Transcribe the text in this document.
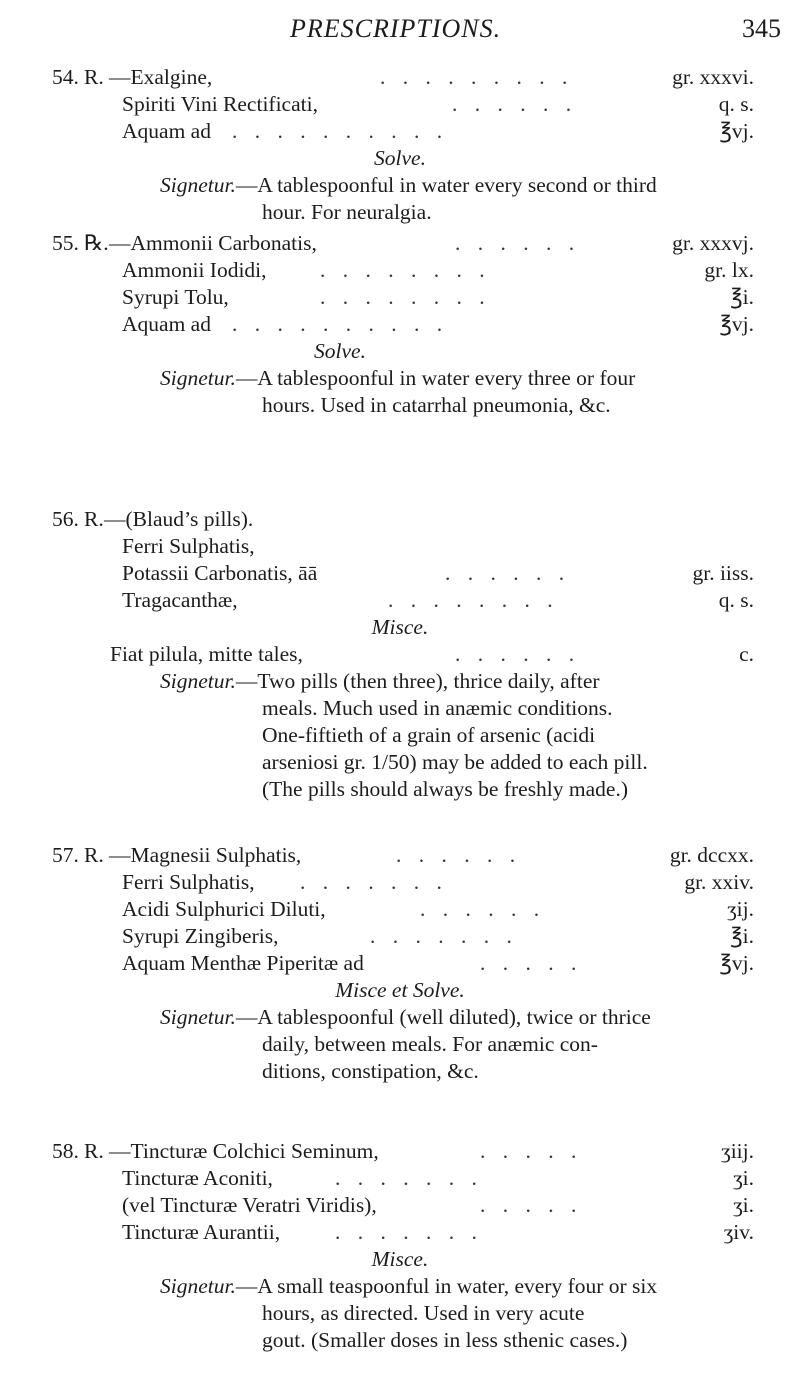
PRESCRIPTIONS.	345
54. R. —Exalgine,	. . . . . . . . .	gr. xxxvi.
Spiriti Vini Rectificati,	. . . . . .	q. s.
Aquam ad . . . . . . . . . .	℥vj.
Solve.
Signetur.—A tablespoonful in water every second or third
hour. For neuralgia.
55. ℞. —Ammonii Carbonatis,	. . . . . .	gr. xxxvj.
Ammonii Iodidi, . . . . . . . .	gr. lx.
Syrupi Tolu,	. . . . . . . .	℥i.
Aquam ad . . . . . . . . . .	℥vj.
Solve.
Signetur.—A tablespoonful in water every three or four
hours. Used in catarrhal pneumonia, &c.
56. R. —(Blaud’s pills).
Ferri Sulphatis,
Potassii Carbonatis, āā	. . . . . .	gr. iiss.
Tragacanthæ,	. . . . . . . .	q. s.
Misce.
Fiat pilula, mitte tales,	. . . . . .	c.
Signetur.—Two pills (then three), thrice daily, after
meals. Much used in anæmic conditions.
One-fiftieth of a grain of arsenic (acidi
arseniosi gr. 1/50) may be added to each pill.
(The pills should always be freshly made.)
57. R. —Magnesii Sulphatis,	. . . . . .	gr. dccxx.
Ferri Sulphatis, . . . . . . .	gr. xxiv.
Acidi Sulphurici Diluti,	. . . . . .	ʒij.
Syrupi Zingiberis,	. . . . . . .	℥i.
Aquam Menthæ Piperitæ ad	. . . . .	℥vj.
Misce et Solve.
Signetur.—A tablespoonful (well diluted), twice or thrice
daily, between meals. For anæmic con-
ditions, constipation, &c.
58. R. —Tincturæ Colchici Seminum,	. . . . .	ʒiij.
Tincturæ Aconiti,	. . . . . . .	ʒi.
(vel Tincturæ Veratri Viridis),	. . . . .	ʒi.
Tincturæ Aurantii,	. . . . . . .	ʒiv.
Misce.
Signetur.—A small teaspoonful in water, every four or six
hours, as directed. Used in very acute
gout. (Smaller doses in less sthenic cases.)
